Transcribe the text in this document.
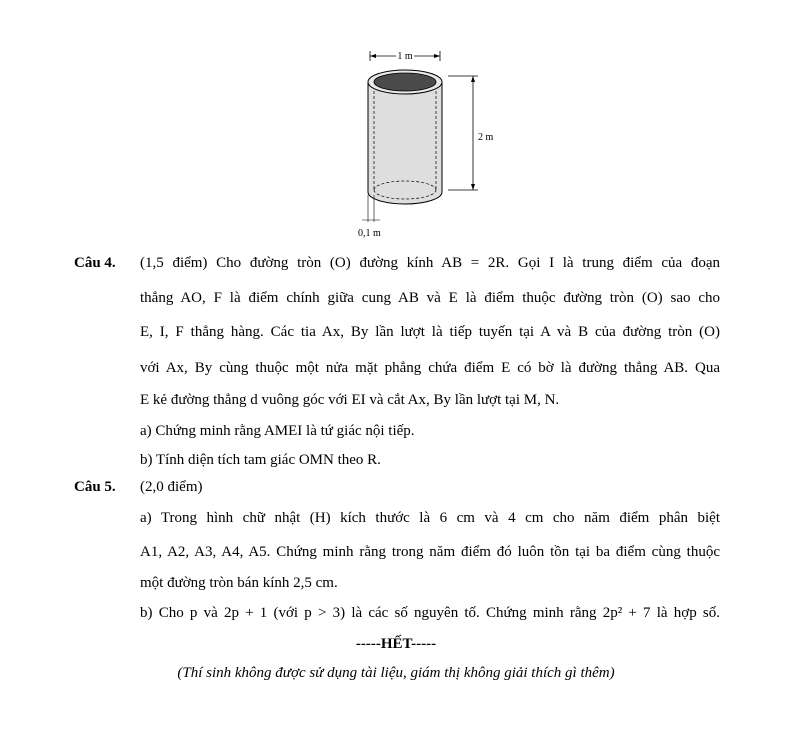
1 m
2 m
0,1 m
Câu 4. (1,5 điểm) Cho đường tròn (O) đường kính AB = 2R. Gọi I là trung điểm của đoạn
thẳng AO, F là điểm chính giữa cung AB và E là điểm thuộc đường tròn (O) sao cho
E, I, F thẳng hàng. Các tia Ax, By lần lượt là tiếp tuyến tại A và B của đường tròn (O)
với Ax, By cùng thuộc một nửa mặt phẳng chứa điểm E có bờ là đường thẳng AB. Qua
E kẻ đường thẳng d vuông góc với EI và cắt Ax, By lần lượt tại M, N.
a) Chứng minh rằng AMEI là tứ giác nội tiếp.
b) Tính diện tích tam giác OMN theo R.
Câu 5. (2,0 điểm)
a) Trong hình chữ nhật (H) kích thước là 6 cm và 4 cm cho năm điểm phân biệt
A1, A2, A3, A4, A5. Chứng minh rằng trong năm điểm đó luôn tồn tại ba điểm cùng thuộc
một đường tròn bán kính 2,5 cm.
b) Cho p và 2p + 1 (với p > 3) là các số nguyên tố. Chứng minh rằng 2p² + 7 là hợp số.
-----HẾT-----
(Thí sinh không được sử dụng tài liệu, giám thị không giải thích gì thêm)
